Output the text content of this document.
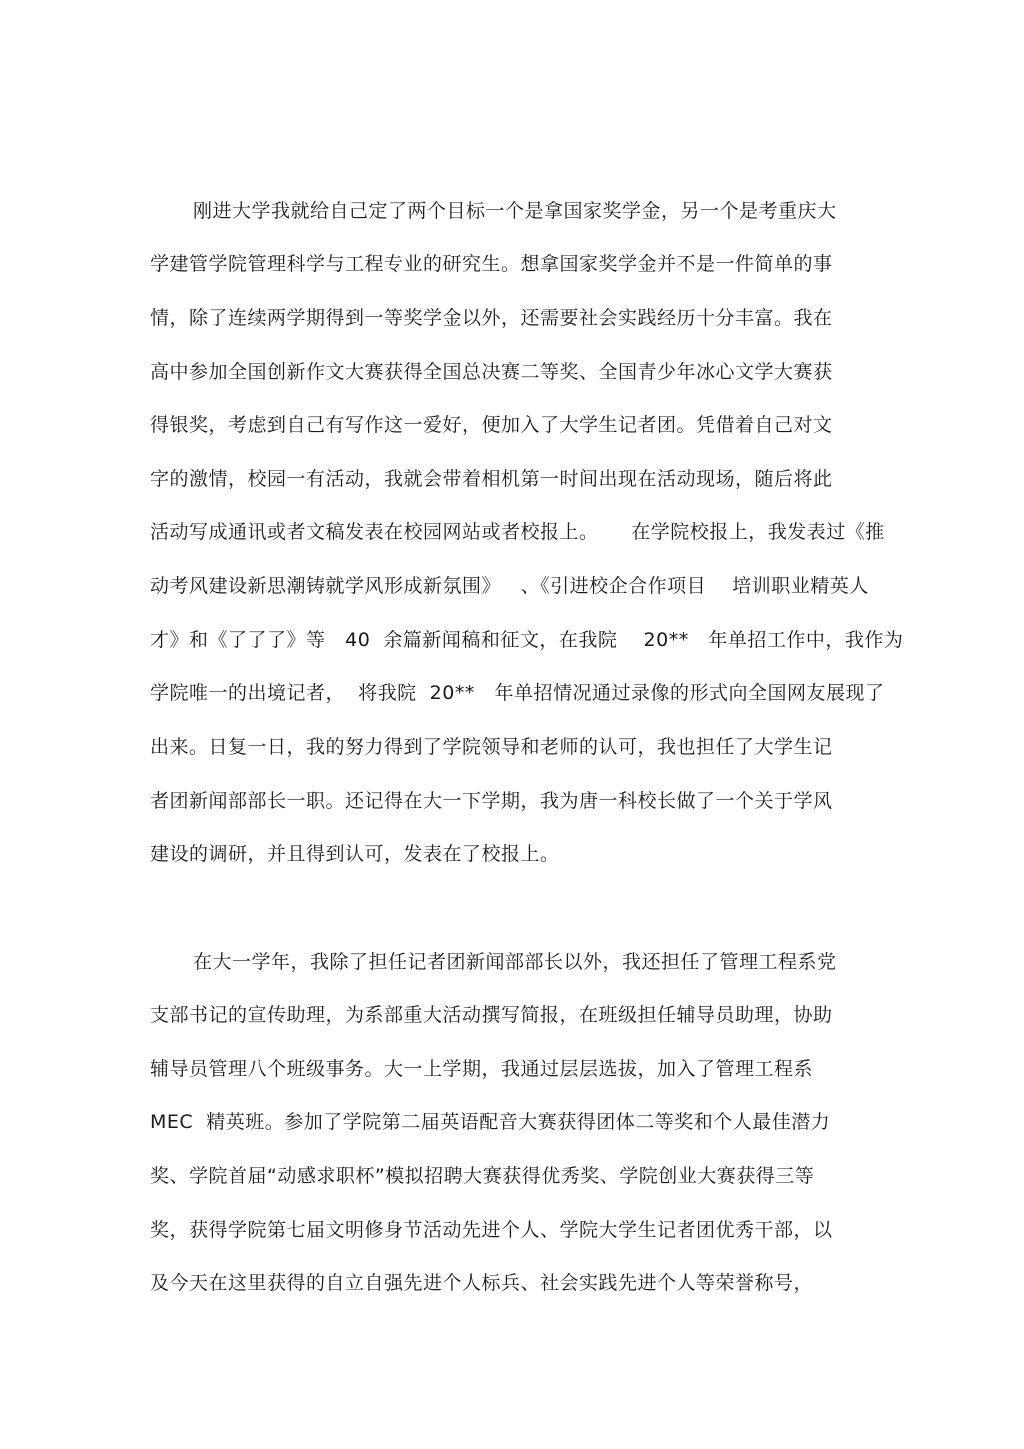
刚进大学我就给自己定了两个目标一个是拿国家奖学金，另一个是考重庆大
学建管学院管理科学与工程专业的研究生。想拿国家奖学金并不是一件简单的事
情，除了连续两学期得到一等奖学金以外，还需要社会实践经历十分丰富。我在
高中参加全国创新作文大赛获得全国总决赛二等奖、全国青少年冰心文学大赛获
得银奖，考虑到自己有写作这一爱好，便加入了大学生记者团。凭借着自己对文
字的激情，校园一有活动，我就会带着相机第一时间出现在活动现场，随后将此
活动写成通讯或者文稿发表在校园网站或者校报上。     在学院校报上，我发表过《推
动考风建设新思潮铸就学风形成新氛围》   、《引进校企合作项目    培训职业精英人
才》和《了了了》等   40  余篇新闻稿和征文，在我院    20**   年单招工作中，我作为
学院唯一的出境记者，  将我院  20**   年单招情况通过录像的形式向全国网友展现了
出来。日复一日，我的努力得到了学院领导和老师的认可，我也担任了大学生记
者团新闻部部长一职。还记得在大一下学期，我为唐一科校长做了一个关于学风
建设的调研，并且得到认可，发表在了校报上。
在大一学年，我除了担任记者团新闻部部长以外，我还担任了管理工程系党
支部书记的宣传助理，为系部重大活动撰写简报，在班级担任辅导员助理，协助
辅导员管理八个班级事务。大一上学期，我通过层层选拔，加入了管理工程系
MEC  精英班。参加了学院第二届英语配音大赛获得团体二等奖和个人最佳潜力
奖、学院首届“动感求职杯”模拟招聘大赛获得优秀奖、学院创业大赛获得三等
奖，获得学院第七届文明修身节活动先进个人、学院大学生记者团优秀干部，以
及今天在这里获得的自立自强先进个人标兵、社会实践先进个人等荣誉称号，
